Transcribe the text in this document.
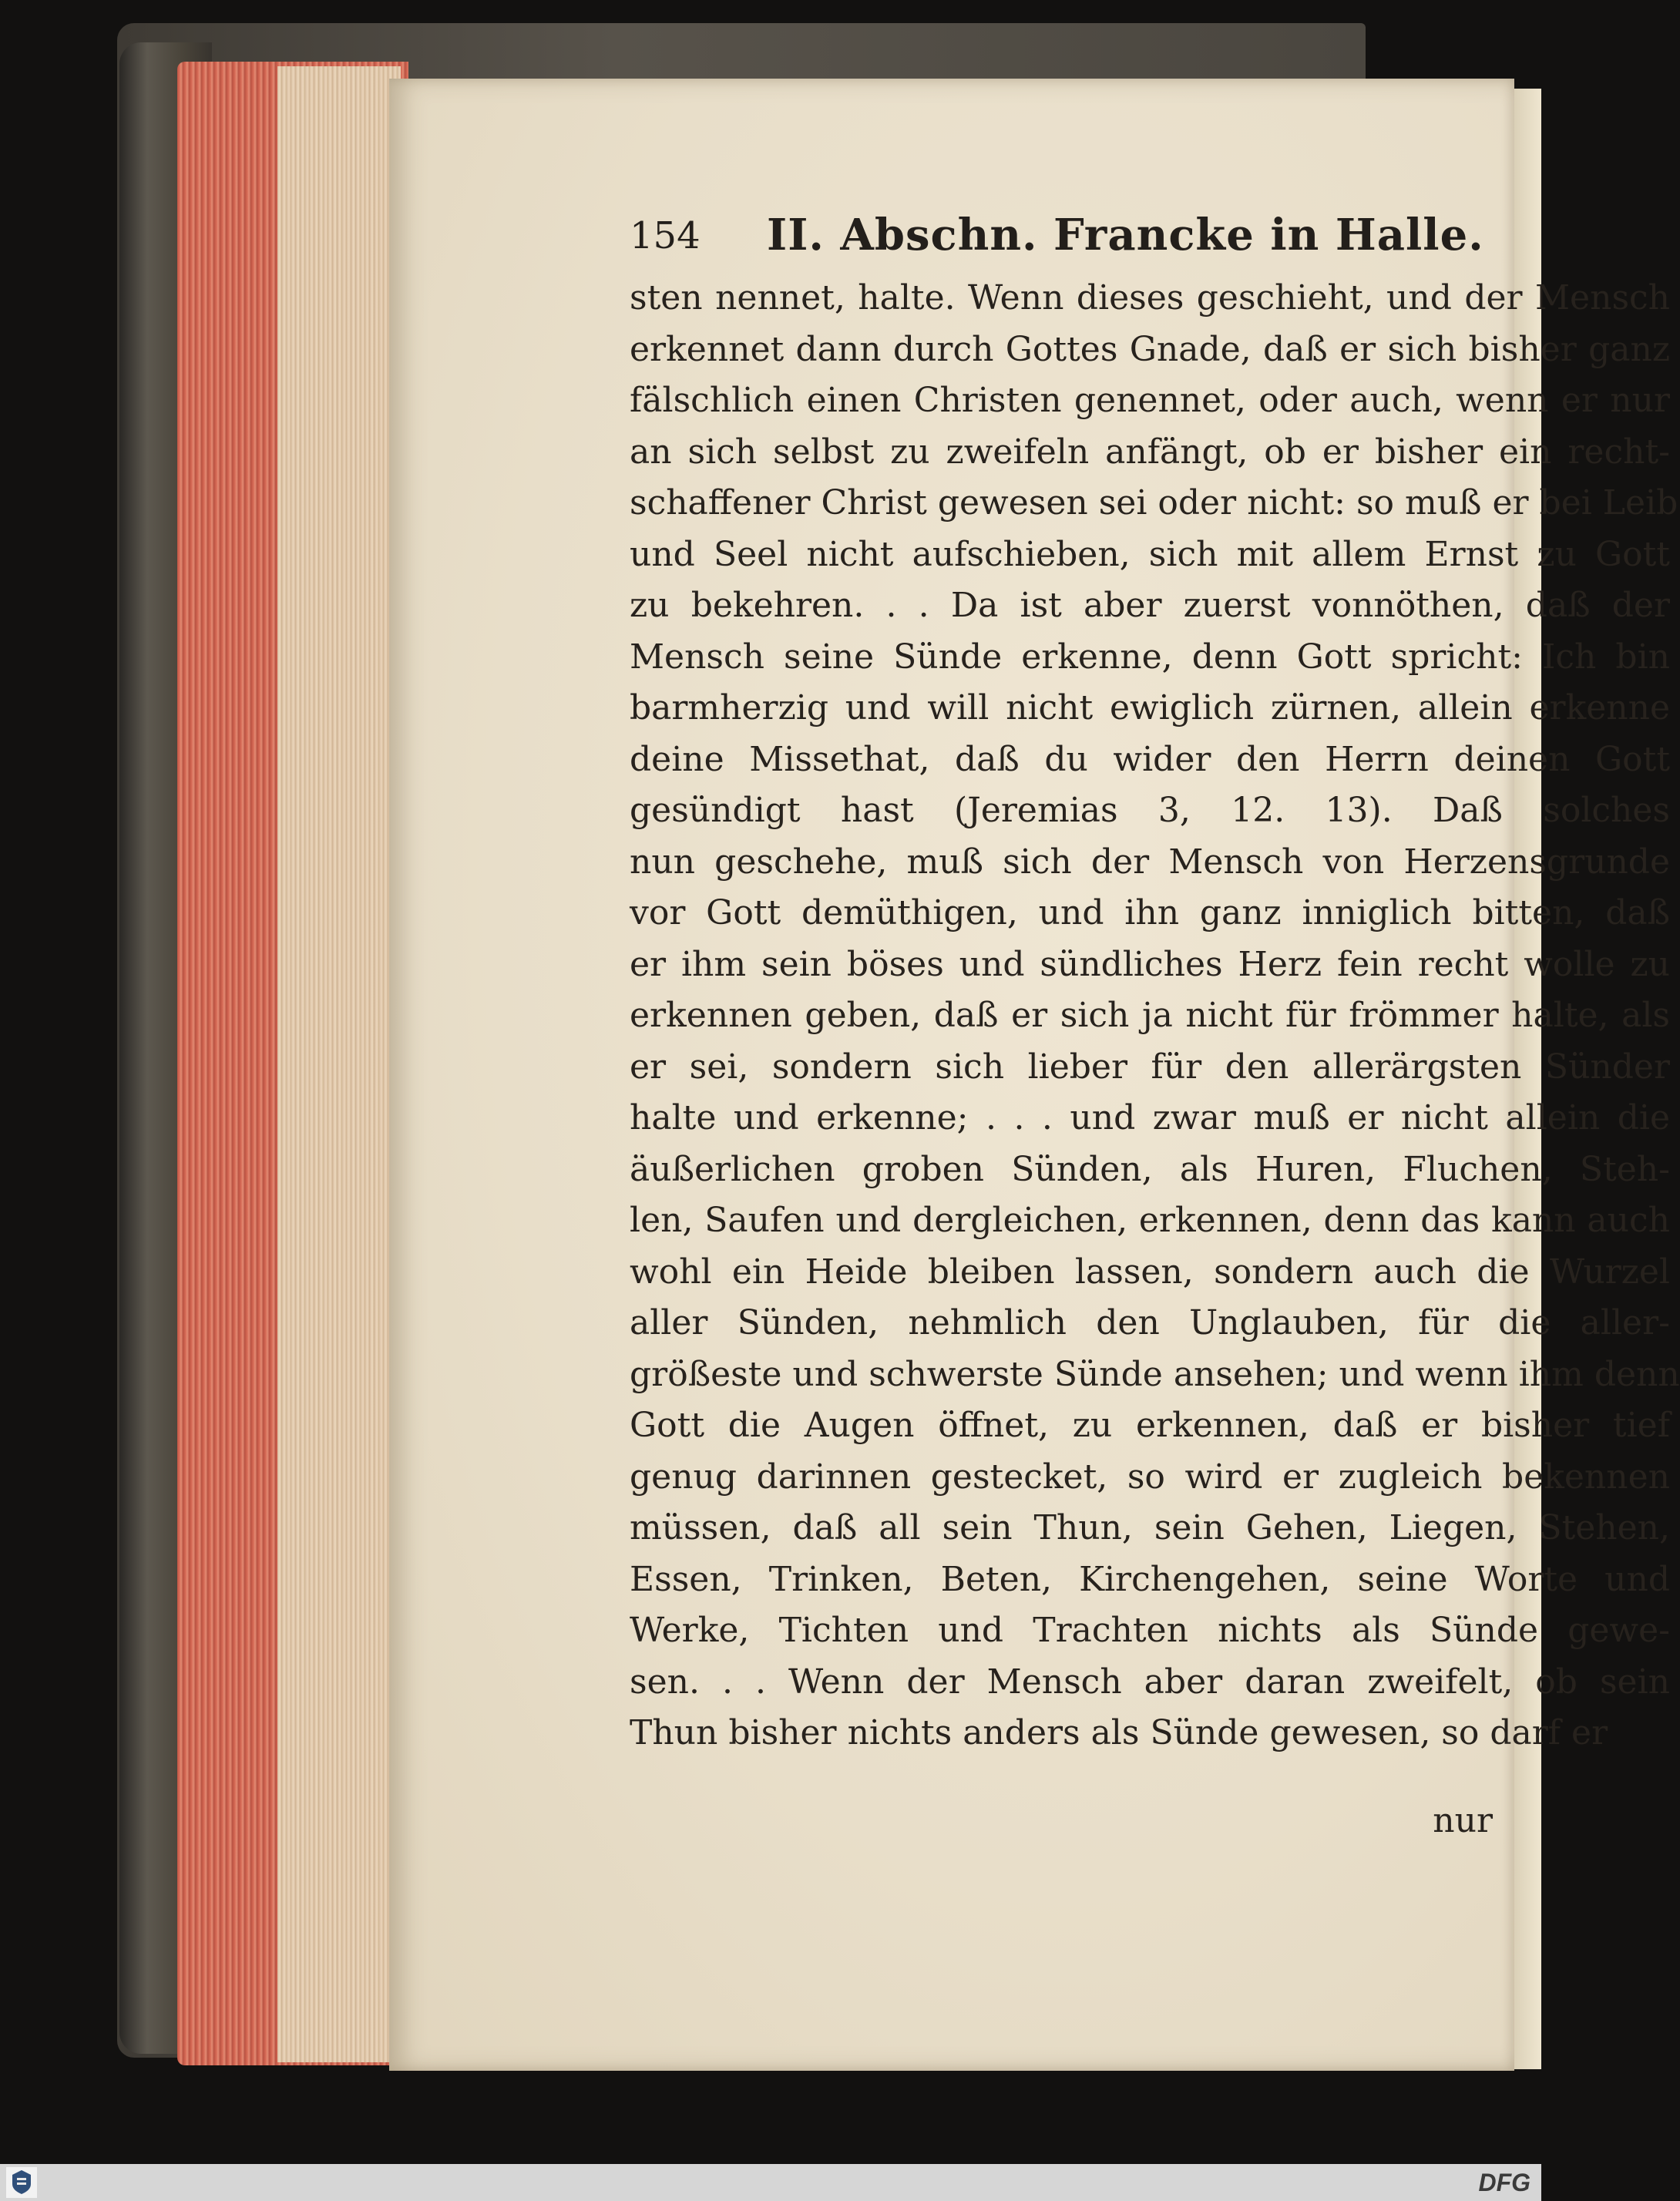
154 II. Abschn. Francke in Halle.
sten nennet, halte. Wenn dieses geschieht, und der Mensch
erkennet dann durch Gottes Gnade, daß er sich bisher ganz
fälschlich einen Christen genennet, oder auch, wenn er nur
an sich selbst zu zweifeln anfängt, ob er bisher ein recht-
schaffener Christ gewesen sei oder nicht: so muß er bei Leib
und Seel nicht aufschieben, sich mit allem Ernst zu Gott
zu bekehren. . . Da ist aber zuerst vonnöthen, daß der
Mensch seine Sünde erkenne, denn Gott spricht: Ich bin
barmherzig und will nicht ewiglich zürnen, allein erkenne
deine Missethat, daß du wider den Herrn deinen Gott
gesündigt hast (Jeremias 3, 12. 13). Daß solches
nun geschehe, muß sich der Mensch von Herzensgrunde
vor Gott demüthigen, und ihn ganz inniglich bitten, daß
er ihm sein böses und sündliches Herz fein recht wolle zu
erkennen geben, daß er sich ja nicht für frömmer halte, als
er sei, sondern sich lieber für den allerärgsten Sünder
halte und erkenne; . . . und zwar muß er nicht allein die
äußerlichen groben Sünden, als Huren, Fluchen, Steh-
len, Saufen und dergleichen, erkennen, denn das kann auch
wohl ein Heide bleiben lassen, sondern auch die Wurzel
aller Sünden, nehmlich den Unglauben, für die aller-
größeste und schwerste Sünde ansehen; und wenn ihm denn
Gott die Augen öffnet, zu erkennen, daß er bisher tief
genug darinnen gestecket, so wird er zugleich bekennen
müssen, daß all sein Thun, sein Gehen, Liegen, Stehen,
Essen, Trinken, Beten, Kirchengehen, seine Worte und
Werke, Tichten und Trachten nichts als Sünde gewe-
sen. . . Wenn der Mensch aber daran zweifelt, ob sein
Thun bisher nichts anders als Sünde gewesen, so darf er
nur
DFG
